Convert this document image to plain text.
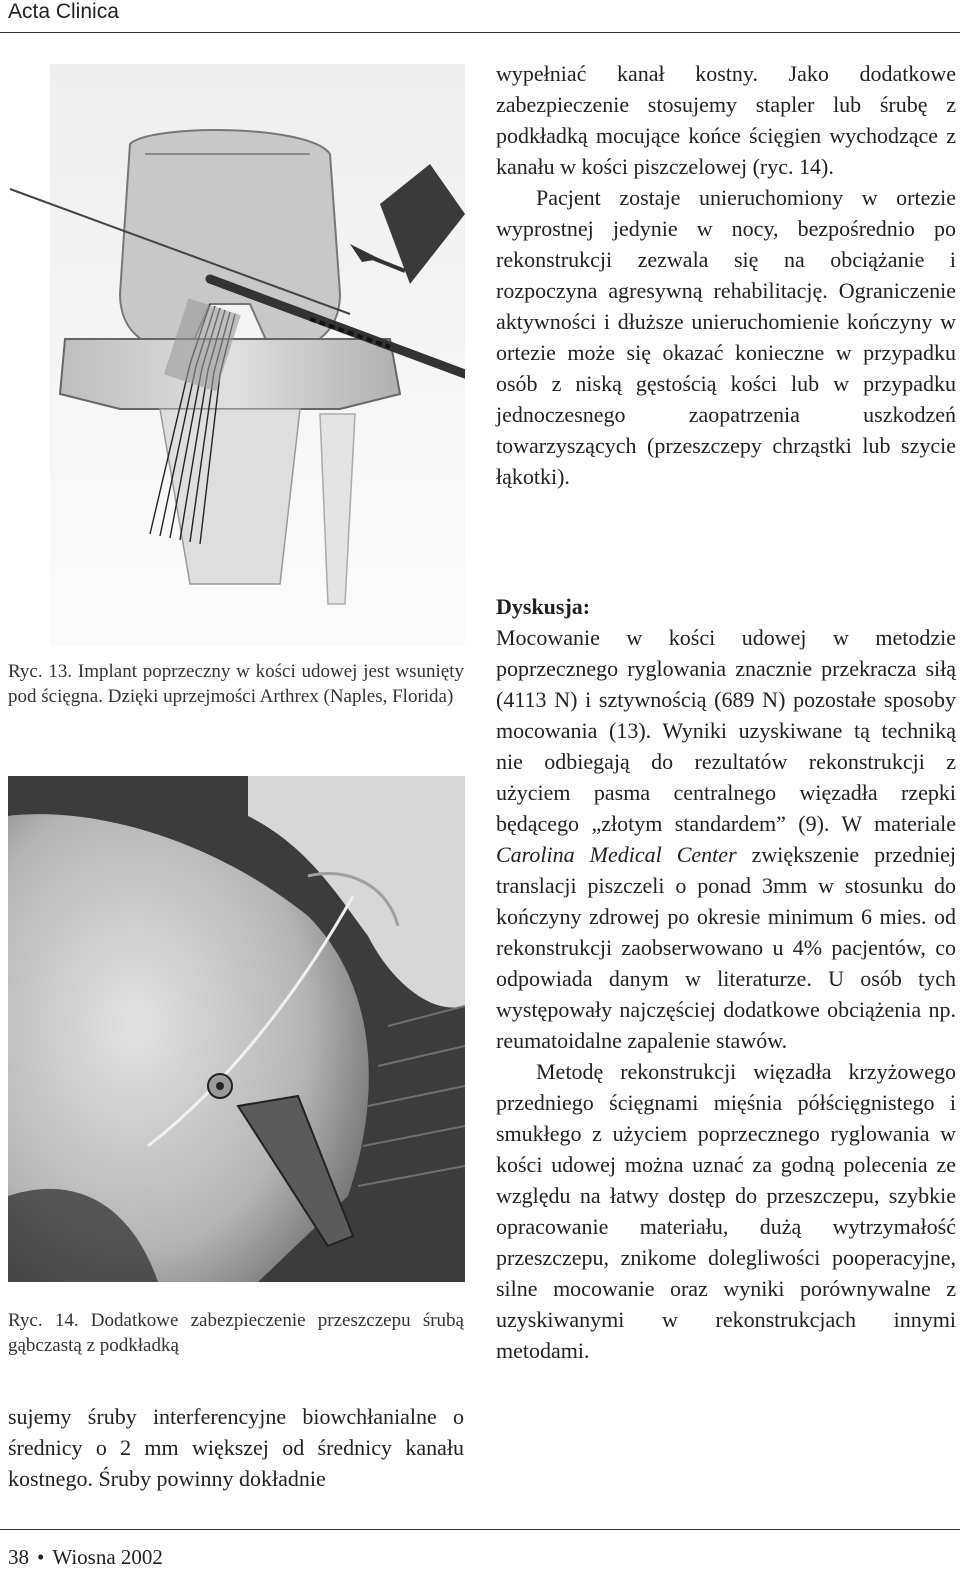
Acta Clinica
Ryc. 13. Implant poprzeczny w kości udowej jest wsunięty pod ścięgna. Dzięki uprzejmości Arthrex (Naples, Florida)
Ryc. 14. Dodatkowe zabezpieczenie przeszczepu śrubą gąbczastą z podkładką

sujemy śruby interferencyjne biowchłanialne o średnicy o 2 mm większej od średnicy kanału kostnego. Śruby powinny dokładnie

wypełniać kanał kostny. Jako dodatkowe zabezpieczenie stosujemy stapler lub śrubę z podkładką mocujące końce ścięgien wychodzące z kanału w kości piszczelowej (ryc. 14).

Pacjent zostaje unieruchomiony w ortezie wyprostnej jedynie w nocy, bezpośrednio po rekonstrukcji zezwala się na obciążanie i rozpoczyna agresywną rehabilitację. Ograniczenie aktywności i dłuższe unieruchomienie kończyny w ortezie może się okazać konieczne w przypadku osób z niską gęstością kości lub w przypadku jednoczesnego zaopatrzenia uszkodzeń towarzyszących (przeszczepy chrząstki lub szycie łąkotki).

Dyskusja:

Mocowanie w kości udowej w metodzie poprzecznego ryglowania znacznie przekracza siłą (4113 N) i sztywnością (689 N) pozostałe sposoby mocowania (13). Wyniki uzyskiwane tą techniką nie odbiegają do rezultatów rekonstrukcji z użyciem pasma centralnego więzadła rzepki będącego „złotym standardem” (9). W materiale Carolina Medical Center zwiększenie przedniej translacji piszczeli o ponad 3mm w stosunku do kończyny zdrowej po okresie minimum 6 mies. od rekonstrukcji zaobserwowano u 4% pacjentów, co odpowiada danym w literaturze. U osób tych występowały najczęściej dodatkowe obciążenia np. reumatoidalne zapalenie stawów.

Metodę rekonstrukcji więzadła krzyżowego przedniego ścięgnami mięśnia półścięgnistego i smukłego z użyciem poprzecznego ryglowania w kości udowej można uznać za godną polecenia ze względu na łatwy dostęp do przeszczepu, szybkie opracowanie materiału, dużą wytrzymałość przeszczepu, znikome dolegliwości pooperacyjne, silne mocowanie oraz wyniki porównywalne z uzyskiwanymi w rekonstrukcjach innymi metodami.

38 • Wiosna 2002
